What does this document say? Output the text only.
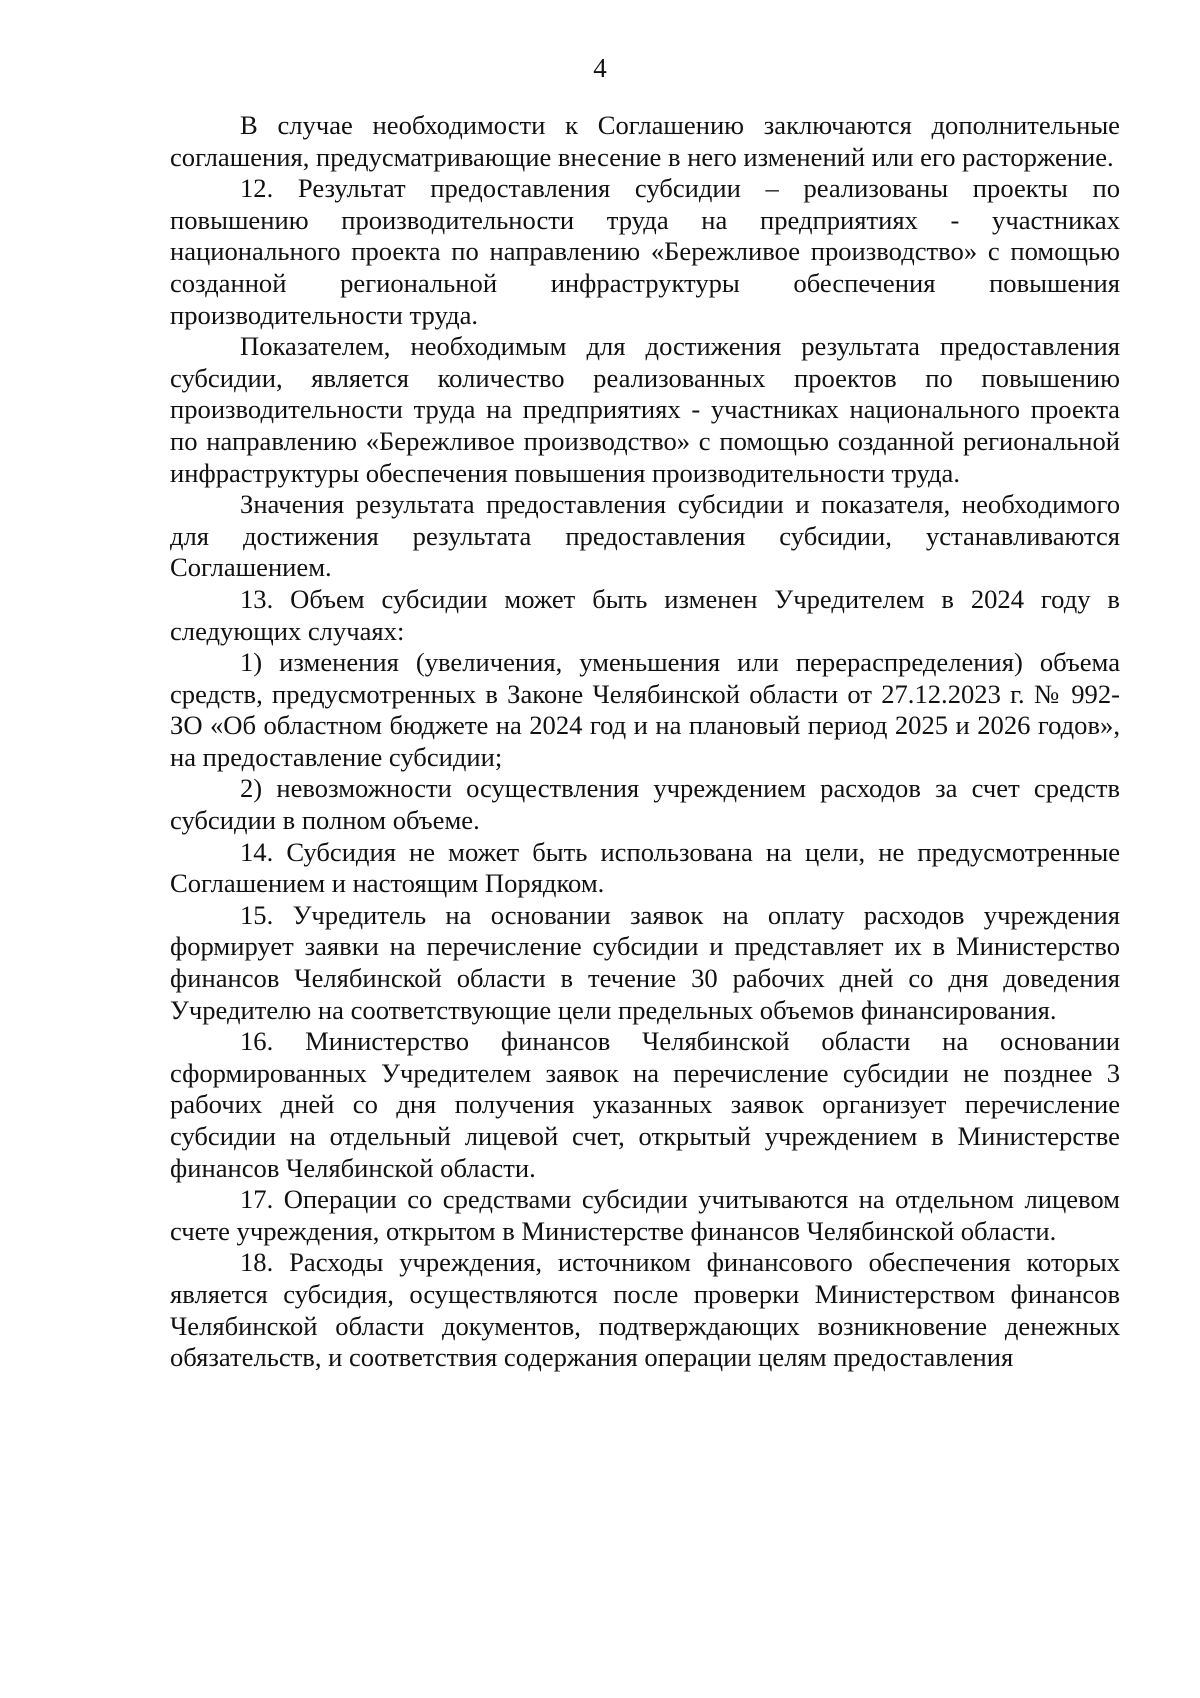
4

В случае необходимости к Соглашению заключаются дополнительные соглашения, предусматривающие внесение в него изменений или его расторжение.

12. Результат предоставления субсидии – реализованы проекты по повышению производительности труда на предприятиях - участниках национального проекта по направлению «Бережливое производство» с помощью созданной региональной инфраструктуры обеспечения повышения производительности труда.

Показателем, необходимым для достижения результата предоставления субсидии, является количество реализованных проектов по повышению производительности труда на предприятиях - участниках национального проекта по направлению «Бережливое производство» с помощью созданной региональной инфраструктуры обеспечения повышения производительности труда.

Значения результата предоставления субсидии и показателя, необходимого для достижения результата предоставления субсидии, устанавливаются Соглашением.

13. Объем субсидии может быть изменен Учредителем в 2024 году в следующих случаях:

1) изменения (увеличения, уменьшения или перераспределения) объема средств, предусмотренных в Законе Челябинской области от 27.12.2023 г. № 992-ЗО «Об областном бюджете на 2024 год и на плановый период 2025 и 2026 годов», на предоставление субсидии;

2) невозможности осуществления учреждением расходов за счет средств субсидии в полном объеме.

14. Субсидия не может быть использована на цели, не предусмотренные Соглашением и настоящим Порядком.

15. Учредитель на основании заявок на оплату расходов учреждения формирует заявки на перечисление субсидии и представляет их в Министерство финансов Челябинской области в течение 30 рабочих дней со дня доведения Учредителю на соответствующие цели предельных объемов финансирования.

16. Министерство финансов Челябинской области на основании сформированных Учредителем заявок на перечисление субсидии не позднее 3 рабочих дней со дня получения указанных заявок организует перечисление субсидии на отдельный лицевой счет, открытый учреждением в Министерстве финансов Челябинской области.

17. Операции со средствами субсидии учитываются на отдельном лицевом счете учреждения, открытом в Министерстве финансов Челябинской области.

18. Расходы учреждения, источником финансового обеспечения которых является субсидия, осуществляются после проверки Министерством финансов Челябинской области документов, подтверждающих возникновение денежных обязательств, и соответствия содержания операции целям предоставления
